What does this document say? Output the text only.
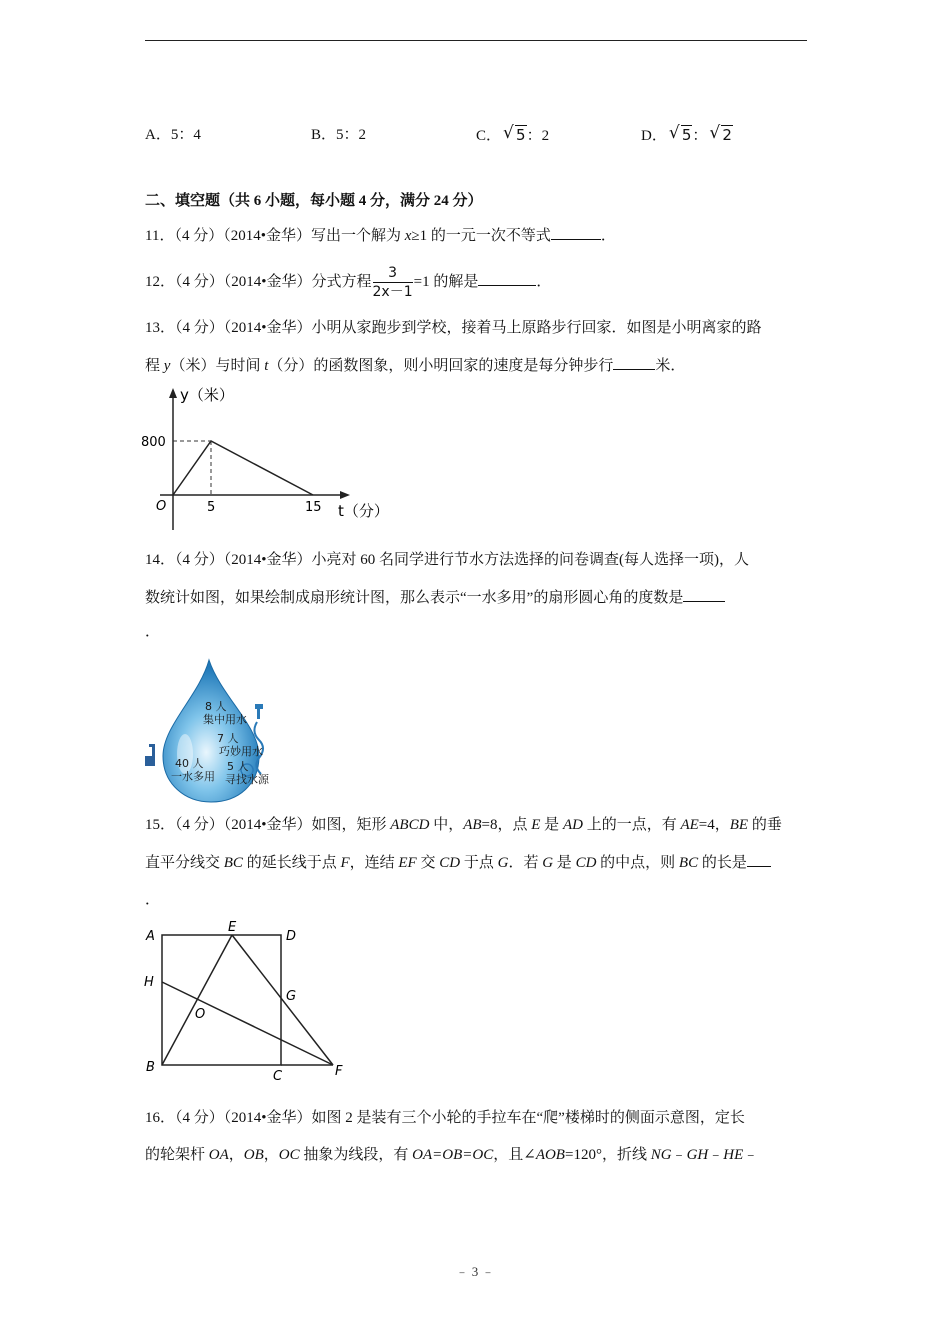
A．5：4	B．5：2	C． √ 5：2	D． √ 5： √ 2
二、填空题（共 6 小题，每小题 4 分，满分 24 分）
11．（4 分）（2014•金华）写出一个解为 x≥1 的一元一次不等式	．
12．（4 分）（2014•金华）分式方程 $\frac{3}{2x-1} =1$ 的解是	．
13．（4 分）（2014•金华）小明从家跑步到学校，接着马上原路步行回家．如图是小明离家的路
程 y（米）与时间 t（分）的函数图象，则小明回家的速度是每分钟步行	米．
y（米）
800
O	5	15 t（分）
14．（4 分）（2014•金华）小亮对 60 名同学进行节水方法选择的问卷调查(每人选择一项)，人
数统计如图，如果绘制成扇形统计图，那么表示“一水多用”的扇形圆心角的度数是
．
8 人
集中用水
7 人
巧妙用水
40 人
一水多用
5 人
寻找水源
15．（4 分）（2014•金华）如图，矩形 ABCD 中，AB=8，点 E 是 AD 上的一点，有 AE=4，BE 的垂
直平分线交 BC 的延长线于点 F，连结 EF 交 CD 于点 G．若 G 是 CD 的中点，则 BC 的长是
．
A
E
D
H
G
O
B
C	F
16．（4 分）（2014•金华）如图 2 是装有三个小轮的手拉车在“爬”楼梯时的侧面示意图，定长
的轮架杆 OA，OB，OC 抽象为线段，有 OA=OB=OC，且∠AOB=120°，折线 NG﹣GH﹣HE﹣
﹣ 3 ﹣
